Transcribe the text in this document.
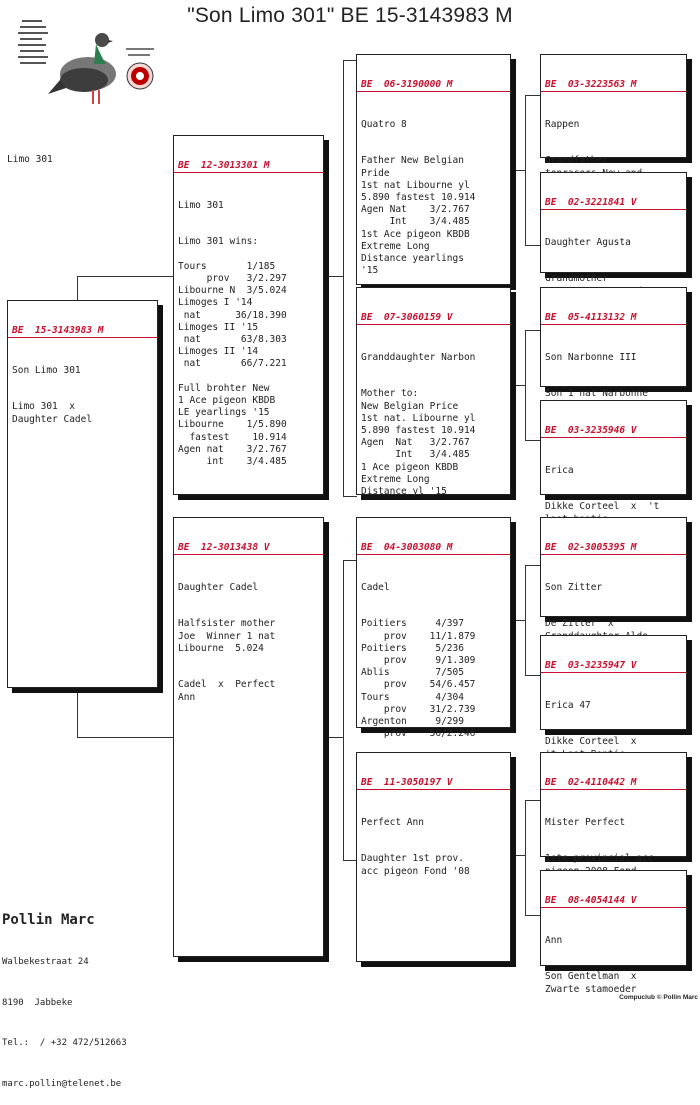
"Son Limo 301" BE 15-3143983 M
Limo 301

BE  15-3143983 M

Son Limo 301

Limo 301  x
Daughter Cadel

BE  12-3013301 M

Limo 301

Limo 301 wins:

Tours       1/185
prov   3/2.297
Libourne N  3/5.024
Limoges I '14
nat      36/18.390
Limoges II '15
nat       63/8.303
Limoges II '14
nat       66/7.221

Full brohter New
1 Ace pigeon KBDB
LE yearlings '15
Libourne    1/5.890
fastest    10.914
Agen nat    3/2.767
int    3/4.485

BE  12-3013438 V

Daughter Cadel

Halfsister mother
Joe  Winner 1 nat
Libourne  5.024

Cadel  x  Perfect
Ann

BE  06-3190000 M

Quatro 8

Father New Belgian
Pride
1st nat Libourne yl
5.890 fastest 10.914
Agen Nat    3/2.767
Int    3/4.485
1st Ace pigeon KBDB
Extreme Long
Distance yearlings
'15

BE  07-3060159 V

Granddaughter Narbon

Mother to:
New Belgian Price
1st nat. Libourne yl
5.890 fastest 10.914
Agen  Nat   3/2.767
Int   3/4.485
1 Ace pigeon KBDB
Extreme Long
Distance yl '15

BE  04-3003080 M

Cadel

Poitiers     4/397
prov    11/1.879
Poitiers     5/236
prov     9/1.309
Ablis        7/505
prov    54/6.457
Tours        4/304
prov    31/2.739
Argenton     9/299
prov    56/2.246

BE  11-3050197 V

Perfect Ann

Daughter 1st prov.
acc pigeon Fond '08

BE  03-3223563 M

Rappen

Grandfather

BE  02-3221841 V

Daughter Agusta

Grandmother

BE  05-4113132 M

Son Narbonne III

Son 1 nat Narbonne

BE  03-3235946 V

Erica

Dikke Corteel  x  't

BE  02-3005395 M

Son Zitter

De Zitter  x

BE  03-3235947 V

Erica 47

Dikke Corteel  x

BE  02-4110442 M

Mister Perfect

1ste provincial acc

BE  08-4054144 V

Ann

Son Gentelman  x
Zwarte stamoeder

Pollin Marc

Walbekestraat 24

8190  Jabbeke

Tel.:  / +32 472/512663

marc.pollin@telenet.be

Compuclub © Pollin Marc
